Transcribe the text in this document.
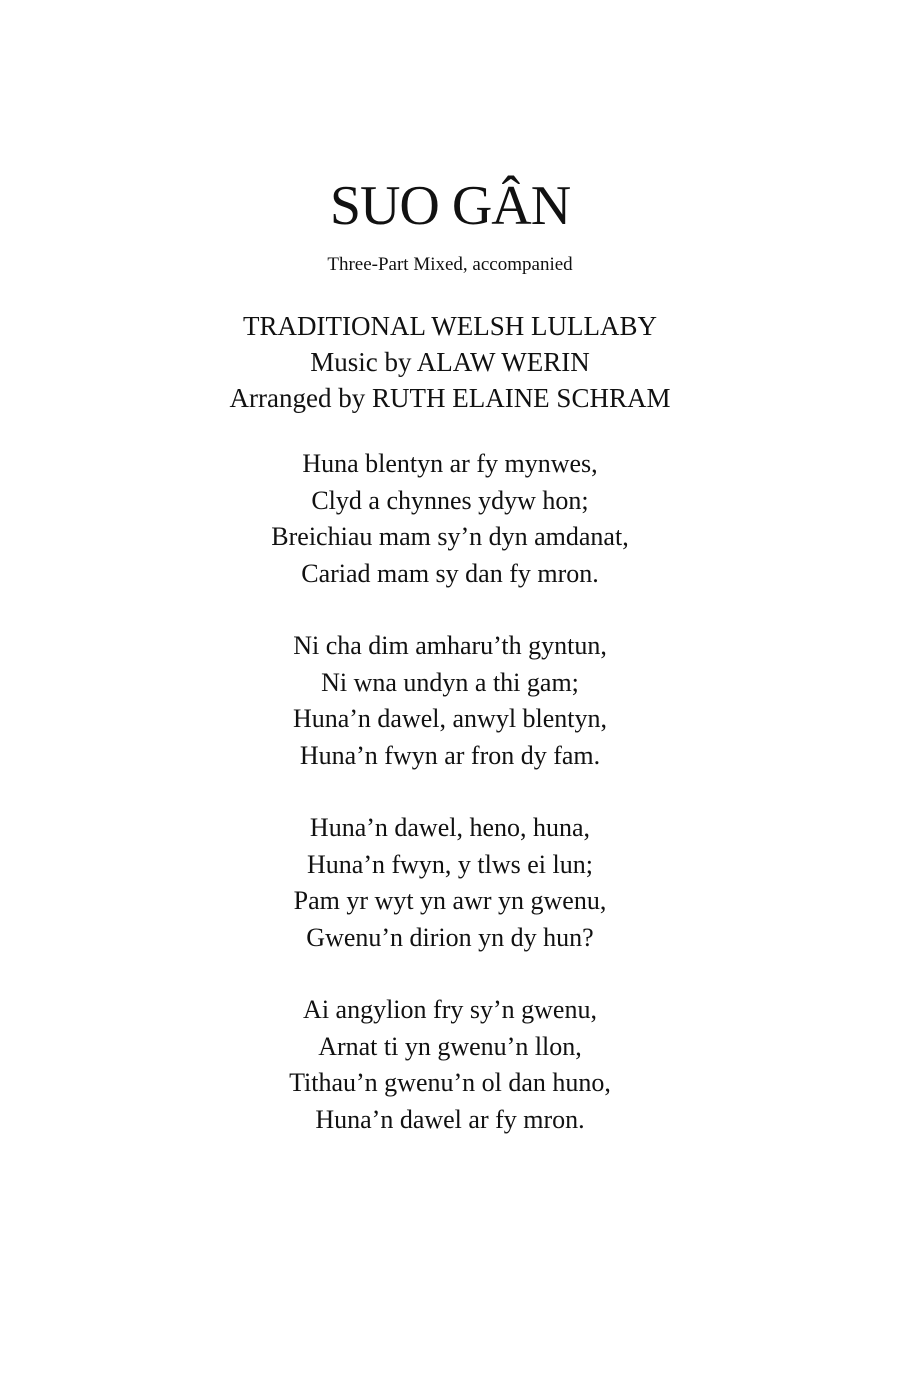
SUO GÂN
Three-Part Mixed, accompanied
TRADITIONAL WELSH LULLABY
Music by ALAW WERIN
Arranged by RUTH ELAINE SCHRAM
Huna blentyn ar fy mynwes,
Clyd a chynnes ydyw hon;
Breichiau mam sy’n dyn amdanat,
Cariad mam sy dan fy mron.
Ni cha dim amharu’th gyntun,
Ni wna undyn a thi gam;
Huna’n dawel, anwyl blentyn,
Huna’n fwyn ar fron dy fam.
Huna’n dawel, heno, huna,
Huna’n fwyn, y tlws ei lun;
Pam yr wyt yn awr yn gwenu,
Gwenu’n dirion yn dy hun?
Ai angylion fry sy’n gwenu,
Arnat ti yn gwenu’n llon,
Tithau’n gwenu’n ol dan huno,
Huna’n dawel ar fy mron.
